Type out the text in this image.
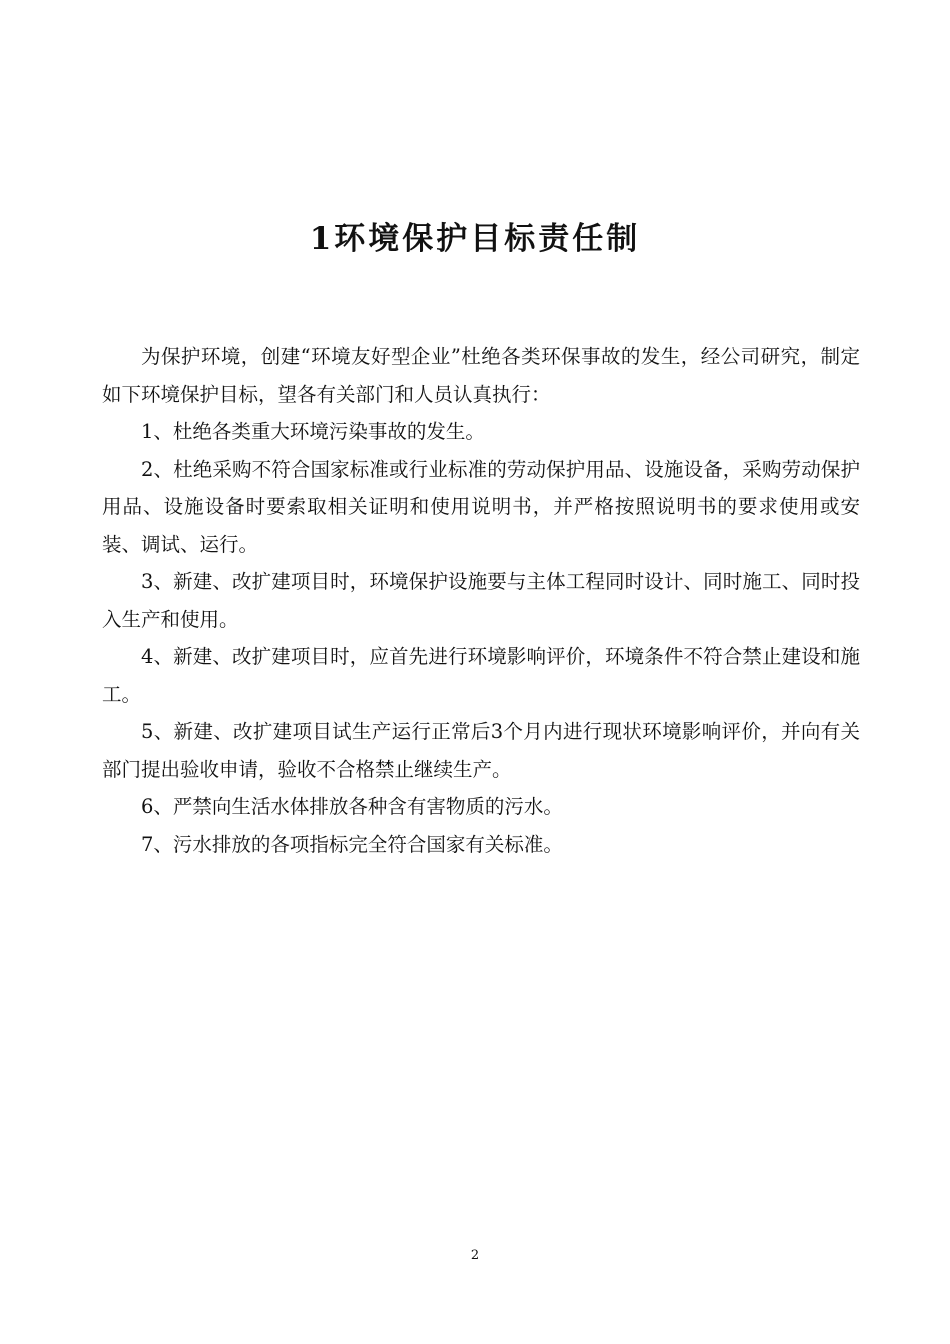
1环境保护目标责任制

为保护环境，创建“环境友好型企业”杜绝各类环保事故的发生，经公司研究，制定如下环境保护目标，望各有关部门和人员认真执行：

1、杜绝各类重大环境污染事故的发生。

2、杜绝采购不符合国家标准或行业标准的劳动保护用品、设施设备，采购劳动保护用品、设施设备时要索取相关证明和使用说明书，并严格按照说明书的要求使用或安装、调试、运行。

3、新建、改扩建项目时，环境保护设施要与主体工程同时设计、同时施工、同时投入生产和使用。

4、新建、改扩建项目时，应首先进行环境影响评价，环境条件不符合禁止建设和施工。

5、新建、改扩建项目试生产运行正常后3个月内进行现状环境影响评价，并向有关部门提出验收申请，验收不合格禁止继续生产。

6、严禁向生活水体排放各种含有害物质的污水。

7、污水排放的各项指标完全符合国家有关标准。

2
